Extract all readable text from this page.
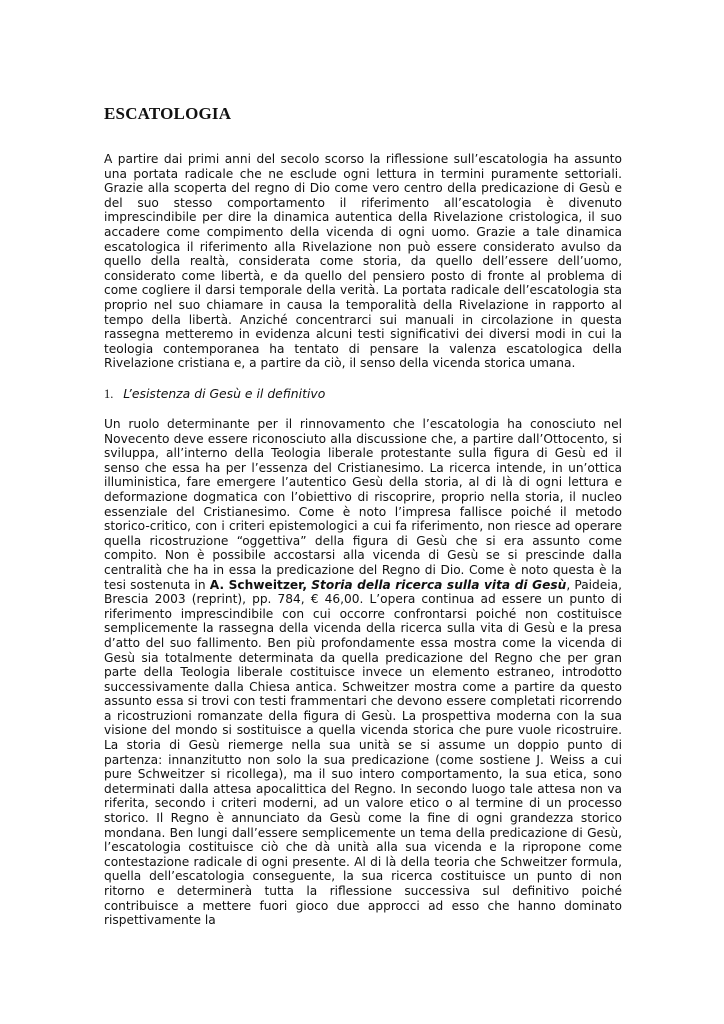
ESCATOLOGIA

A partire dai primi anni del secolo scorso la riflessione sull’escatologia ha assunto una portata radicale che ne esclude ogni lettura in termini puramente settoriali. Grazie alla scoperta del regno di Dio come vero centro della predicazione di Gesù e del suo stesso comportamento il riferimento all’escatologia è divenuto imprescindibile per dire la dinamica autentica della Rivelazione cristologica, il suo accadere come compimento della vicenda di ogni uomo. Grazie a tale dinamica escatologica il riferimento alla Rivelazione non può essere considerato avulso da quello della realtà, considerata come storia, da quello dell’essere dell’uomo, considerato come libertà, e da quello del pensiero posto di fronte al problema di come cogliere il darsi temporale della verità. La portata radicale dell’escatologia sta proprio nel suo chiamare in causa la temporalità della Rivelazione in rapporto al tempo della libertà. Anziché concentrarci sui manuali in circolazione in questa rassegna metteremo in evidenza alcuni testi significativi dei diversi modi in cui la teologia contemporanea ha tentato di pensare la valenza escatologica della Rivelazione cristiana e, a partire da ciò, il senso della vicenda storica umana.

1. L’esistenza di Gesù e il definitivo

Un ruolo determinante per il rinnovamento che l’escatologia ha conosciuto nel Novecento deve essere riconosciuto alla discussione che, a partire dall’Ottocento, si sviluppa, all’interno della Teologia liberale protestante sulla figura di Gesù ed il senso che essa ha per l’essenza del Cristianesimo. La ricerca intende, in un’ottica illuministica, fare emergere l’autentico Gesù della storia, al di là di ogni lettura e deformazione dogmatica con l’obiettivo di riscoprire, proprio nella storia, il nucleo essenziale del Cristianesimo. Come è noto l’impresa fallisce poiché il metodo storico-critico, con i criteri epistemologici a cui fa riferimento, non riesce ad operare quella ricostruzione “oggettiva” della figura di Gesù che si era assunto come compito. Non è possibile accostarsi alla vicenda di Gesù se si prescinde dalla centralità che ha in essa la predicazione del Regno di Dio. Come è noto questa è la tesi sostenuta in A. Schweitzer, Storia della ricerca sulla vita di Gesù, Paideia, Brescia 2003 (reprint), pp. 784, € 46,00. L’opera continua ad essere un punto di riferimento imprescindibile con cui occorre confrontarsi poiché non costituisce semplicemente la rassegna della vicenda della ricerca sulla vita di Gesù e la presa d’atto del suo fallimento. Ben più profondamente essa mostra come la vicenda di Gesù sia totalmente determinata da quella predicazione del Regno che per gran parte della Teologia liberale costituisce invece un elemento estraneo, introdotto successivamente dalla Chiesa antica. Schweitzer mostra come a partire da questo assunto essa si trovi con testi frammentari che devono essere completati ricorrendo a ricostruzioni romanzate della figura di Gesù. La prospettiva moderna con la sua visione del mondo si sostituisce a quella vicenda storica che pure vuole ricostruire. La storia di Gesù riemerge nella sua unità se si assume un doppio punto di partenza: innanzitutto non solo la sua predicazione (come sostiene J. Weiss a cui pure Schweitzer si ricollega), ma il suo intero comportamento, la sua etica, sono determinati dalla attesa apocalittica del Regno. In secondo luogo tale attesa non va riferita, secondo i criteri moderni, ad un valore etico o al termine di un processo storico. Il Regno è annunciato da Gesù come la fine di ogni grandezza storico mondana. Ben lungi dall’essere semplicemente un tema della predicazione di Gesù, l’escatologia costituisce ciò che dà unità alla sua vicenda e la ripropone come contestazione radicale di ogni presente. Al di là della teoria che Schweitzer formula, quella dell’escatologia conseguente, la sua ricerca costituisce un punto di non ritorno e determinerà tutta la riflessione successiva sul definitivo poiché contribuisce a mettere fuori gioco due approcci ad esso che hanno dominato rispettivamente la
